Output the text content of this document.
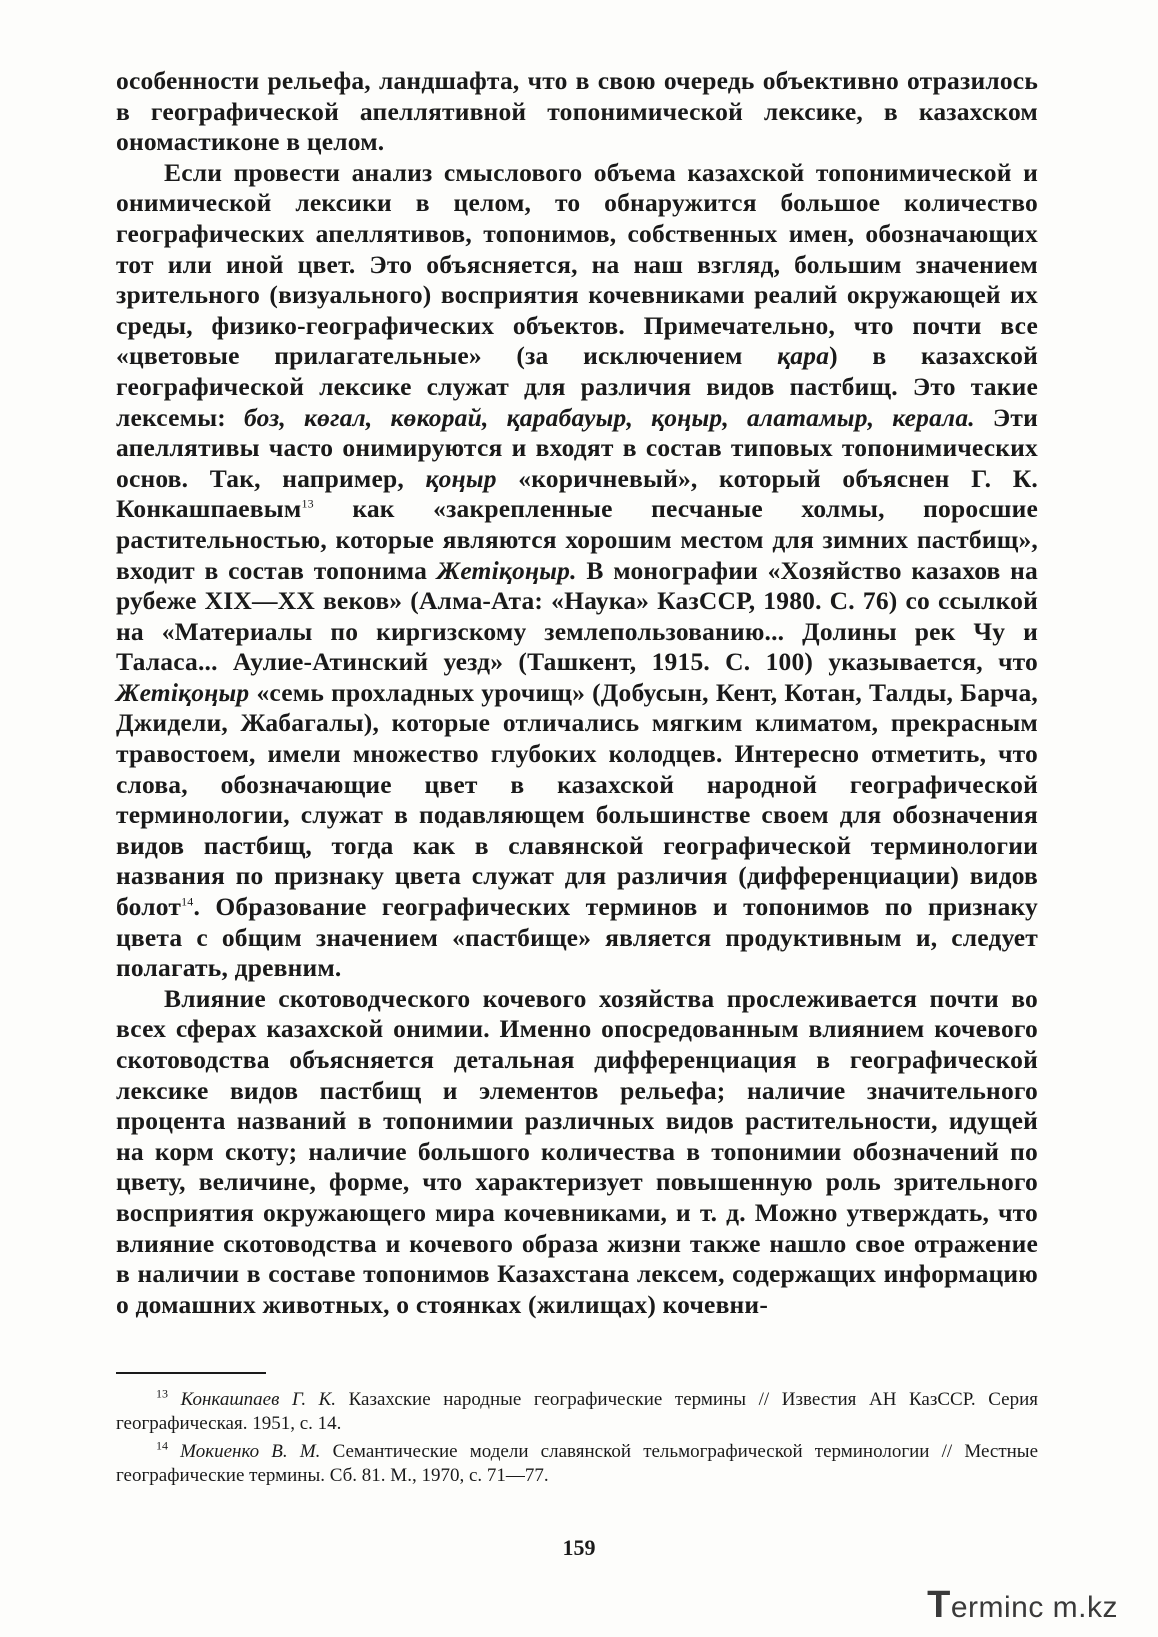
особенности рельефа, ландшафта, что в свою очередь объективно отразилось в географической апеллятивной топонимической лексике, в казахском ономастиконе в целом.

Если провести анализ смыслового объема казахской топонимической и онимической лексики в целом, то обнаружится большое количество географических апеллятивов, топонимов, собственных имен, обозначающих тот или иной цвет. Это объясняется, на наш взгляд, большим значением зрительного (визуального) восприятия кочевниками реалий окружающей их среды, физико-географических объектов. Примечательно, что почти все «цветовые прилагательные» (за исключением қара) в казахской географической лексике служат для различия видов пастбищ. Это такие лексемы: боз, көгал, көкорай, қарабауыр, қоңыр, алатамыр, керала. Эти апеллятивы часто онимируются и входят в состав типовых топонимических основ. Так, например, қоңыр «коричневый», который объяснен Г. К. Конкашпаевым$^{13}$ как «закрепленные песчаные холмы, поросшие растительностью, которые являются хорошим местом для зимних пастбищ», входит в состав топонима Жетіқоңыр. В монографии «Хозяйство казахов на рубеже XIX—XX веков» (Алма-Ата: «Наука» КазССР, 1980. С. 76) со ссылкой на «Материалы по киргизскому землепользованию... Долины рек Чу и Таласа... Аулие-Атинский уезд» (Ташкент, 1915. С. 100) указывается, что Жетіқоңыр «семь прохладных урочищ» (Добусын, Кент, Котан, Талды, Барча, Джидели, Жабагалы), которые отличались мягким климатом, прекрасным травостоем, имели множество глубоких колодцев. Интересно отметить, что слова, обозначающие цвет в казахской народной географической терминологии, служат в подавляющем большинстве своем для обозначения видов пастбищ, тогда как в славянской географической терминологии названия по признаку цвета служат для различия (дифференциации) видов болот$^{14}$. Образование географических терминов и топонимов по признаку цвета с общим значением «пастбище» является продуктивным и, следует полагать, древним.

Влияние скотоводческого кочевого хозяйства прослеживается почти во всех сферах казахской онимии. Именно опосредованным влиянием кочевого скотоводства объясняется детальная дифференциация в географической лексике видов пастбищ и элементов рельефа; наличие значительного процента названий в топонимии различных видов растительности, идущей на корм скоту; наличие большого количества в топонимии обозначений по цвету, величине, форме, что характеризует повышенную роль зрительного восприятия окружающего мира кочевниками, и т. д. Можно утверждать, что влияние скотоводства и кочевого образа жизни также нашло свое отражение в наличии в составе топонимов Казахстана лексем, содержащих информацию о домашних животных, о стоянках (жилищах) кочевни-

$^{13}$ Конкашпаев Г. К. Казахские народные географические термины // Известия АН КазССР. Серия географическая. 1951, с. 14.

$^{14}$ Мокиенко В. М. Семантические модели славянской тельмографической терминологии // Местные географические термины. Сб. 81. М., 1970, с. 71—77.

159
Terminc m.kz
